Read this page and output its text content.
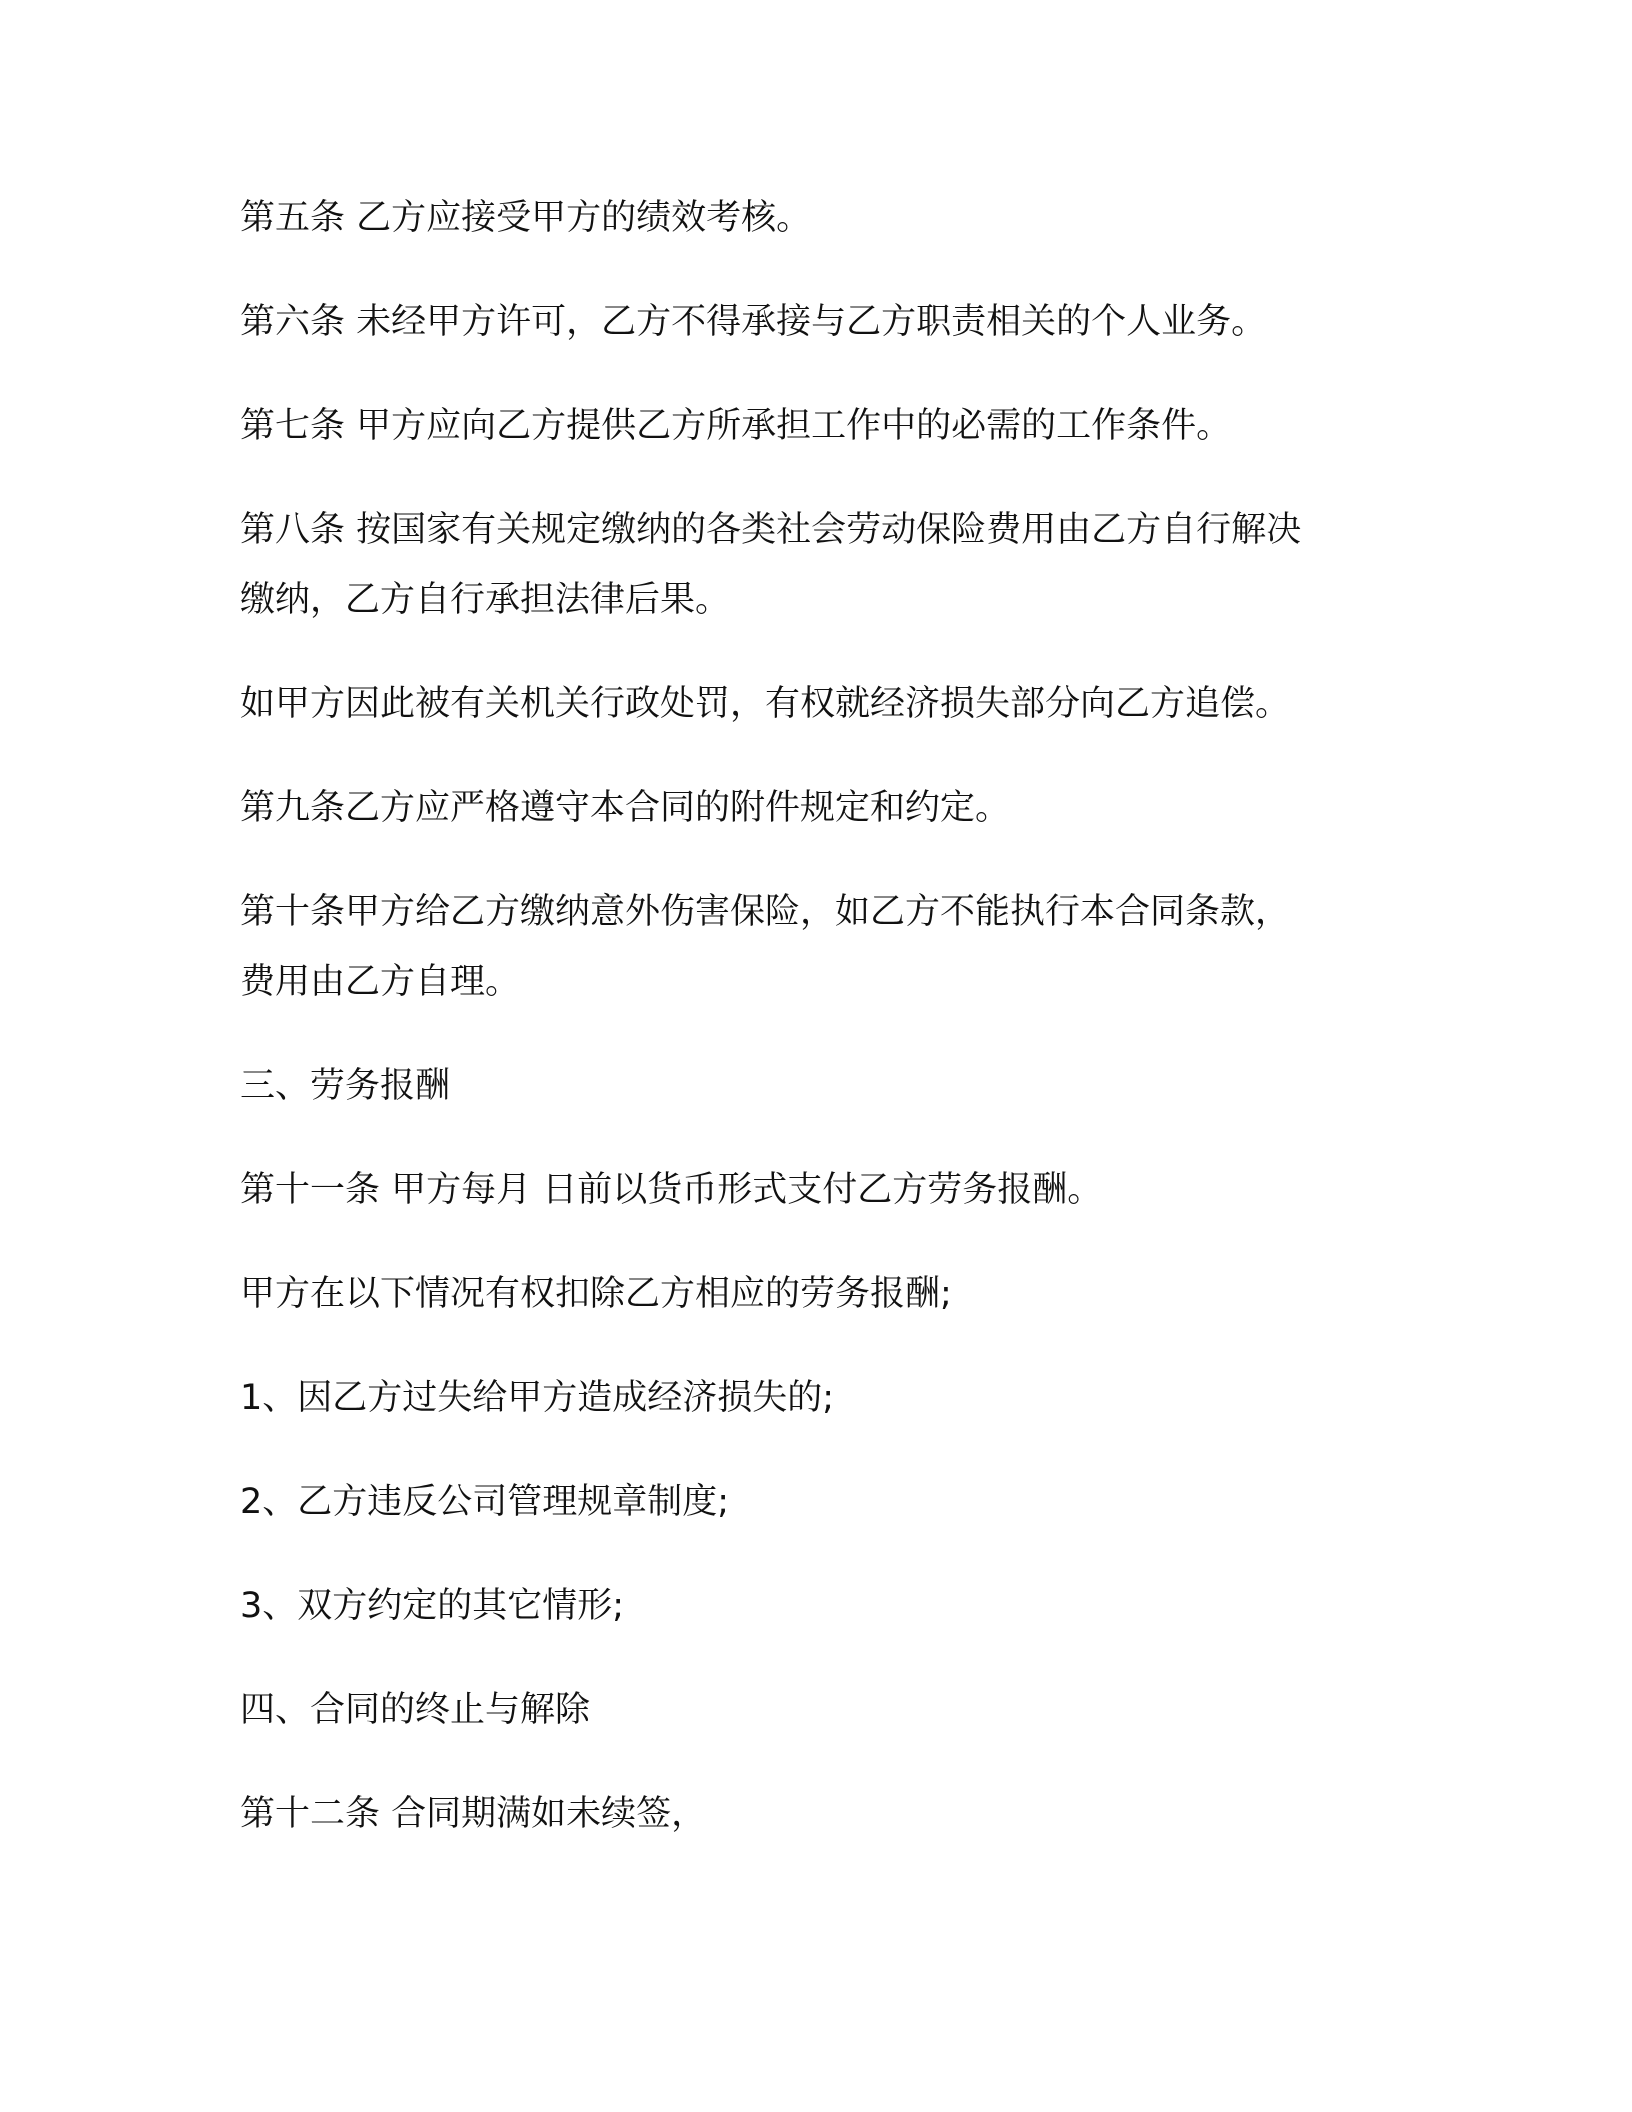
第五条 乙方应接受甲方的绩效考核。

第六条 未经甲方许可，乙方不得承接与乙方职责相关的个人业务。

第七条 甲方应向乙方提供乙方所承担工作中的必需的工作条件。

第八条 按国家有关规定缴纳的各类社会劳动保险费用由乙方自行解决

缴纳，乙方自行承担法律后果。

如甲方因此被有关机关行政处罚，有权就经济损失部分向乙方追偿。

第九条乙方应严格遵守本合同的附件规定和约定。

第十条甲方给乙方缴纳意外伤害保险，如乙方不能执行本合同条款，

费用由乙方自理。

三、劳务报酬

第十一条 甲方每月 日前以货币形式支付乙方劳务报酬。

甲方在以下情况有权扣除乙方相应的劳务报酬;

1、因乙方过失给甲方造成经济损失的;

2、乙方违反公司管理规章制度;

3、双方约定的其它情形;

四、合同的终止与解除

第十二条 合同期满如未续签，
